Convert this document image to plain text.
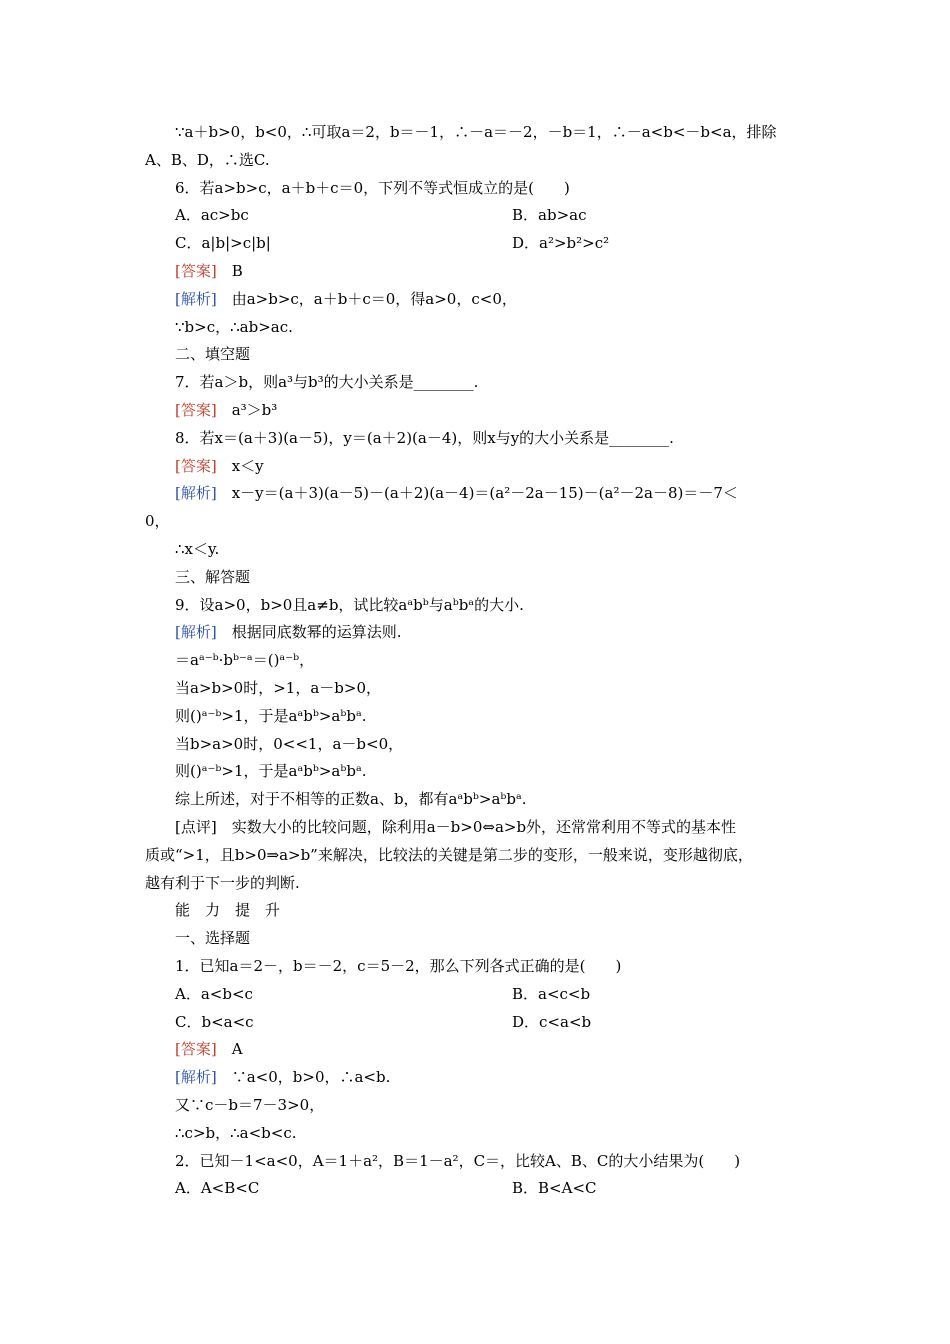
∵a＋b>0，b<0，∴可取a＝2，b＝－1，∴－a＝－2，－b＝1，∴－a<b<－b<a，排除
A、B、D，∴选C.
6．若a>b>c，a＋b＋c＝0，下列不等式恒成立的是(　　)
A．ac>bc	B．ab>ac
C．a|b|>c|b|	D．a²>b²>c²
[答案]　B
[解析]　由a>b>c，a＋b＋c＝0，得a>0，c<0，
∵b>c，∴ab>ac.
二、填空题
7．若a＞b，则a³与b³的大小关系是________.
[答案]　a³＞b³
8．若x＝(a＋3)(a－5)，y＝(a＋2)(a－4)，则x与y的大小关系是________.
[答案]　x＜y
[解析]　x－y＝(a＋3)(a－5)－(a＋2)(a－4)＝(a²－2a－15)－(a²－2a－8)＝－7＜
0，
∴x＜y.
三、解答题
9．设a>0，b>0且a≠b，试比较aᵃbᵇ与aᵇbᵃ的大小.
[解析]　根据同底数幂的运算法则.
＝aᵃ⁻ᵇ·bᵇ⁻ᵃ＝()ᵃ⁻ᵇ，
当a>b>0时，>1，a－b>0，
则()ᵃ⁻ᵇ>1，于是aᵃbᵇ>aᵇbᵃ.
当b>a>0时，0<<1，a－b<0，
则()ᵃ⁻ᵇ>1，于是aᵃbᵇ>aᵇbᵃ.
综上所述，对于不相等的正数a、b，都有aᵃbᵇ>aᵇbᵃ.
[点评]　实数大小的比较问题，除利用a－b>0⇔a>b外，还常常利用不等式的基本性
质或“>1，且b>0⇒a>b”来解决，比较法的关键是第二步的变形，一般来说，变形越彻底，
越有利于下一步的判断.
能　力　提　升
一、选择题
1．已知a＝2－，b＝－2，c＝5－2，那么下列各式正确的是(　　)
A．a<b<c	B．a<c<b
C．b<a<c	D．c<a<b
[答案]　A
[解析]　∵a<0，b>0，∴a<b.
又∵c－b＝7－3>0，
∴c>b，∴a<b<c.
2．已知－1<a<0，A＝1＋a²，B＝1－a²，C＝，比较A、B、C的大小结果为(　　)
A．A<B<C	B．B<A<C
